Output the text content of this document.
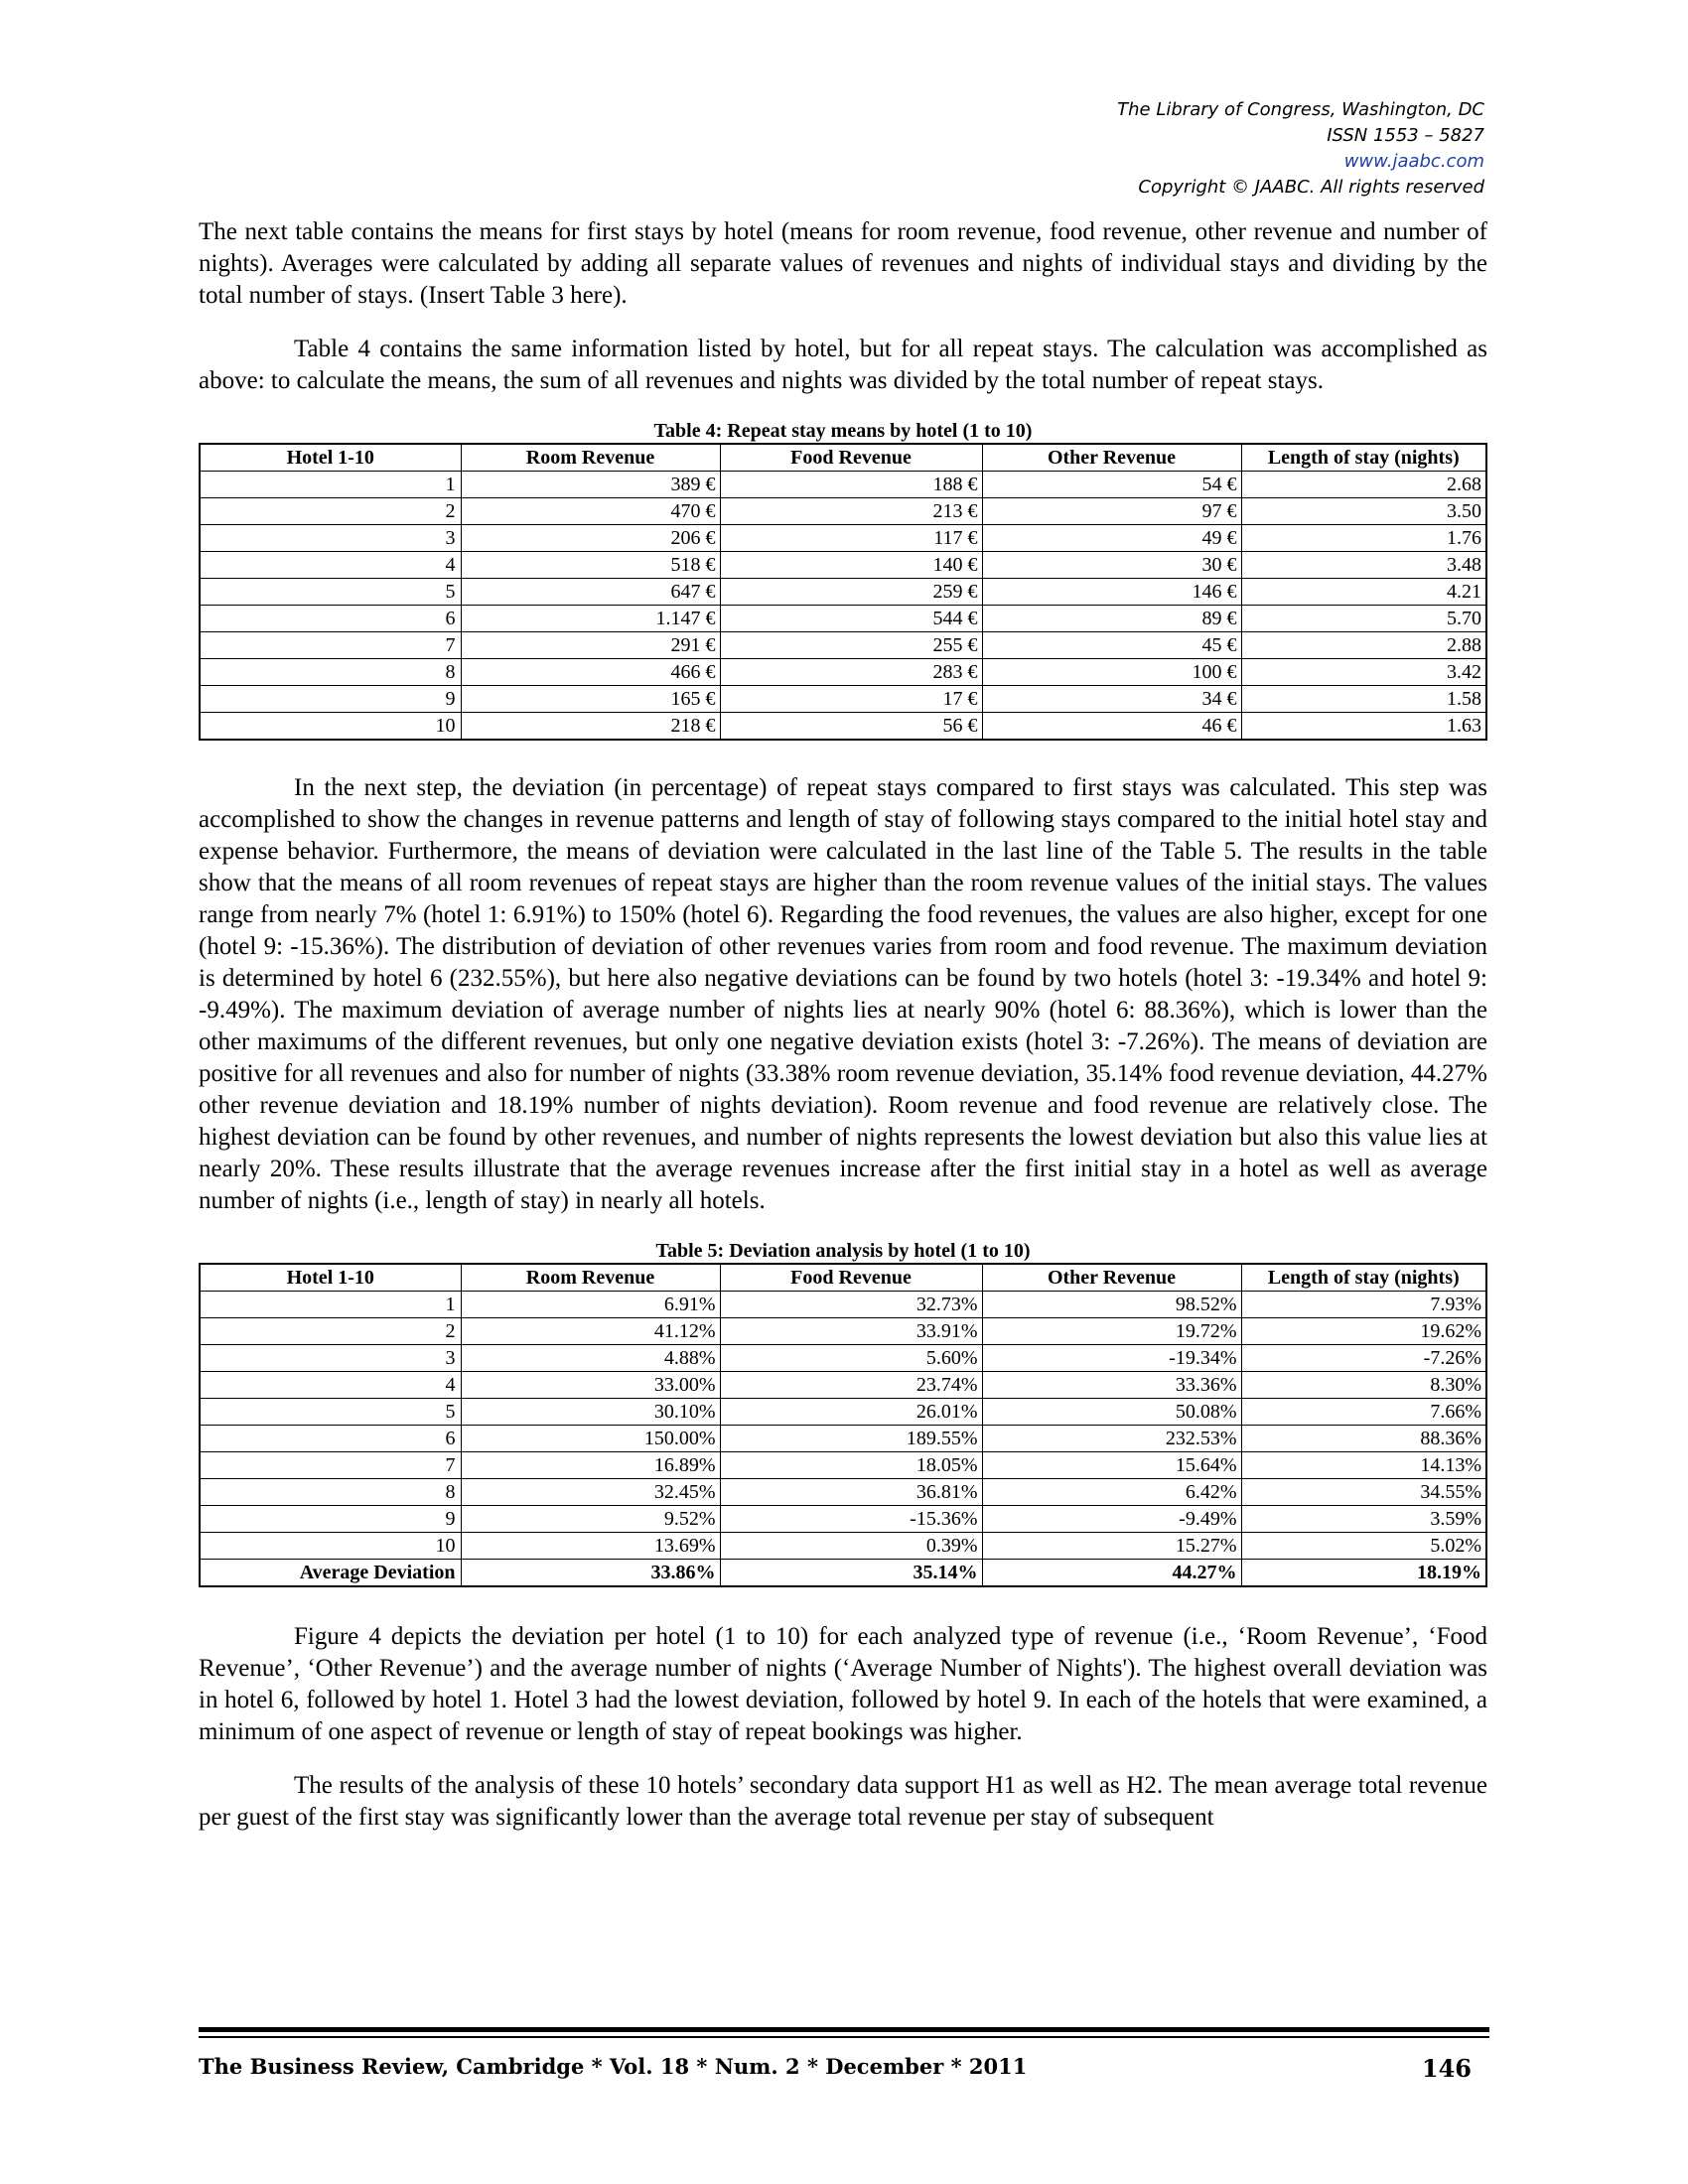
The Library of Congress, Washington, DC
ISSN 1553 – 5827
www.jaabc.com
Copyright © JAABC. All rights reserved

The next table contains the means for first stays by hotel (means for room revenue, food revenue, other revenue and number of nights). Averages were calculated by adding all separate values of revenues and nights of individual stays and dividing by the total number of stays. (Insert Table 3 here).

Table 4 contains the same information listed by hotel, but for all repeat stays. The calculation was accomplished as above: to calculate the means, the sum of all revenues and nights was divided by the total number of repeat stays.

Table 4: Repeat stay means by hotel (1 to 10)
Hotel 1-10	Room Revenue	Food Revenue	Other Revenue	Length of stay (nights)
1	389 €	188 €	54 €	2.68
2	470 €	213 €	97 €	3.50
3	206 €	117 €	49 €	1.76
4	518 €	140 €	30 €	3.48
5	647 €	259 €	146 €	4.21
6	1.147 €	544 €	89 €	5.70
7	291 €	255 €	45 €	2.88
8	466 €	283 €	100 €	3.42
9	165 €	17 €	34 €	1.58
10	218 €	56 €	46 €	1.63

In the next step, the deviation (in percentage) of repeat stays compared to first stays was calculated. This step was accomplished to show the changes in revenue patterns and length of stay of following stays compared to the initial hotel stay and expense behavior. Furthermore, the means of deviation were calculated in the last line of the Table 5. The results in the table show that the means of all room revenues of repeat stays are higher than the room revenue values of the initial stays. The values range from nearly 7% (hotel 1: 6.91%) to 150% (hotel 6). Regarding the food revenues, the values are also higher, except for one (hotel 9: -15.36%). The distribution of deviation of other revenues varies from room and food revenue. The maximum deviation is determined by hotel 6 (232.55%), but here also negative deviations can be found by two hotels (hotel 3: -19.34% and hotel 9: -9.49%). The maximum deviation of average number of nights lies at nearly 90% (hotel 6: 88.36%), which is lower than the other maximums of the different revenues, but only one negative deviation exists (hotel 3: -7.26%). The means of deviation are positive for all revenues and also for number of nights (33.38% room revenue deviation, 35.14% food revenue deviation, 44.27% other revenue deviation and 18.19% number of nights deviation). Room revenue and food revenue are relatively close. The highest deviation can be found by other revenues, and number of nights represents the lowest deviation but also this value lies at nearly 20%. These results illustrate that the average revenues increase after the first initial stay in a hotel as well as average number of nights (i.e., length of stay) in nearly all hotels.

Table 5: Deviation analysis by hotel (1 to 10)
Hotel 1-10	Room Revenue	Food Revenue	Other Revenue	Length of stay (nights)
1	6.91%	32.73%	98.52%	7.93%
2	41.12%	33.91%	19.72%	19.62%
3	4.88%	5.60%	-19.34%	-7.26%
4	33.00%	23.74%	33.36%	8.30%
5	30.10%	26.01%	50.08%	7.66%
6	150.00%	189.55%	232.53%	88.36%
7	16.89%	18.05%	15.64%	14.13%
8	32.45%	36.81%	6.42%	34.55%
9	9.52%	-15.36%	-9.49%	3.59%
10	13.69%	0.39%	15.27%	5.02%
Average Deviation	33.86%	35.14%	44.27%	18.19%

Figure 4 depicts the deviation per hotel (1 to 10) for each analyzed type of revenue (i.e., ‘Room Revenue’, ‘Food Revenue’, ‘Other Revenue’) and the average number of nights (‘Average Number of Nights'). The highest overall deviation was in hotel 6, followed by hotel 1. Hotel 3 had the lowest deviation, followed by hotel 9. In each of the hotels that were examined, a minimum of one aspect of revenue or length of stay of repeat bookings was higher.

The results of the analysis of these 10 hotels’ secondary data support H1 as well as H2. The mean average total revenue per guest of the first stay was significantly lower than the average total revenue per stay of subsequent

The Business Review, Cambridge * Vol. 18 * Num. 2 * December * 2011	146
